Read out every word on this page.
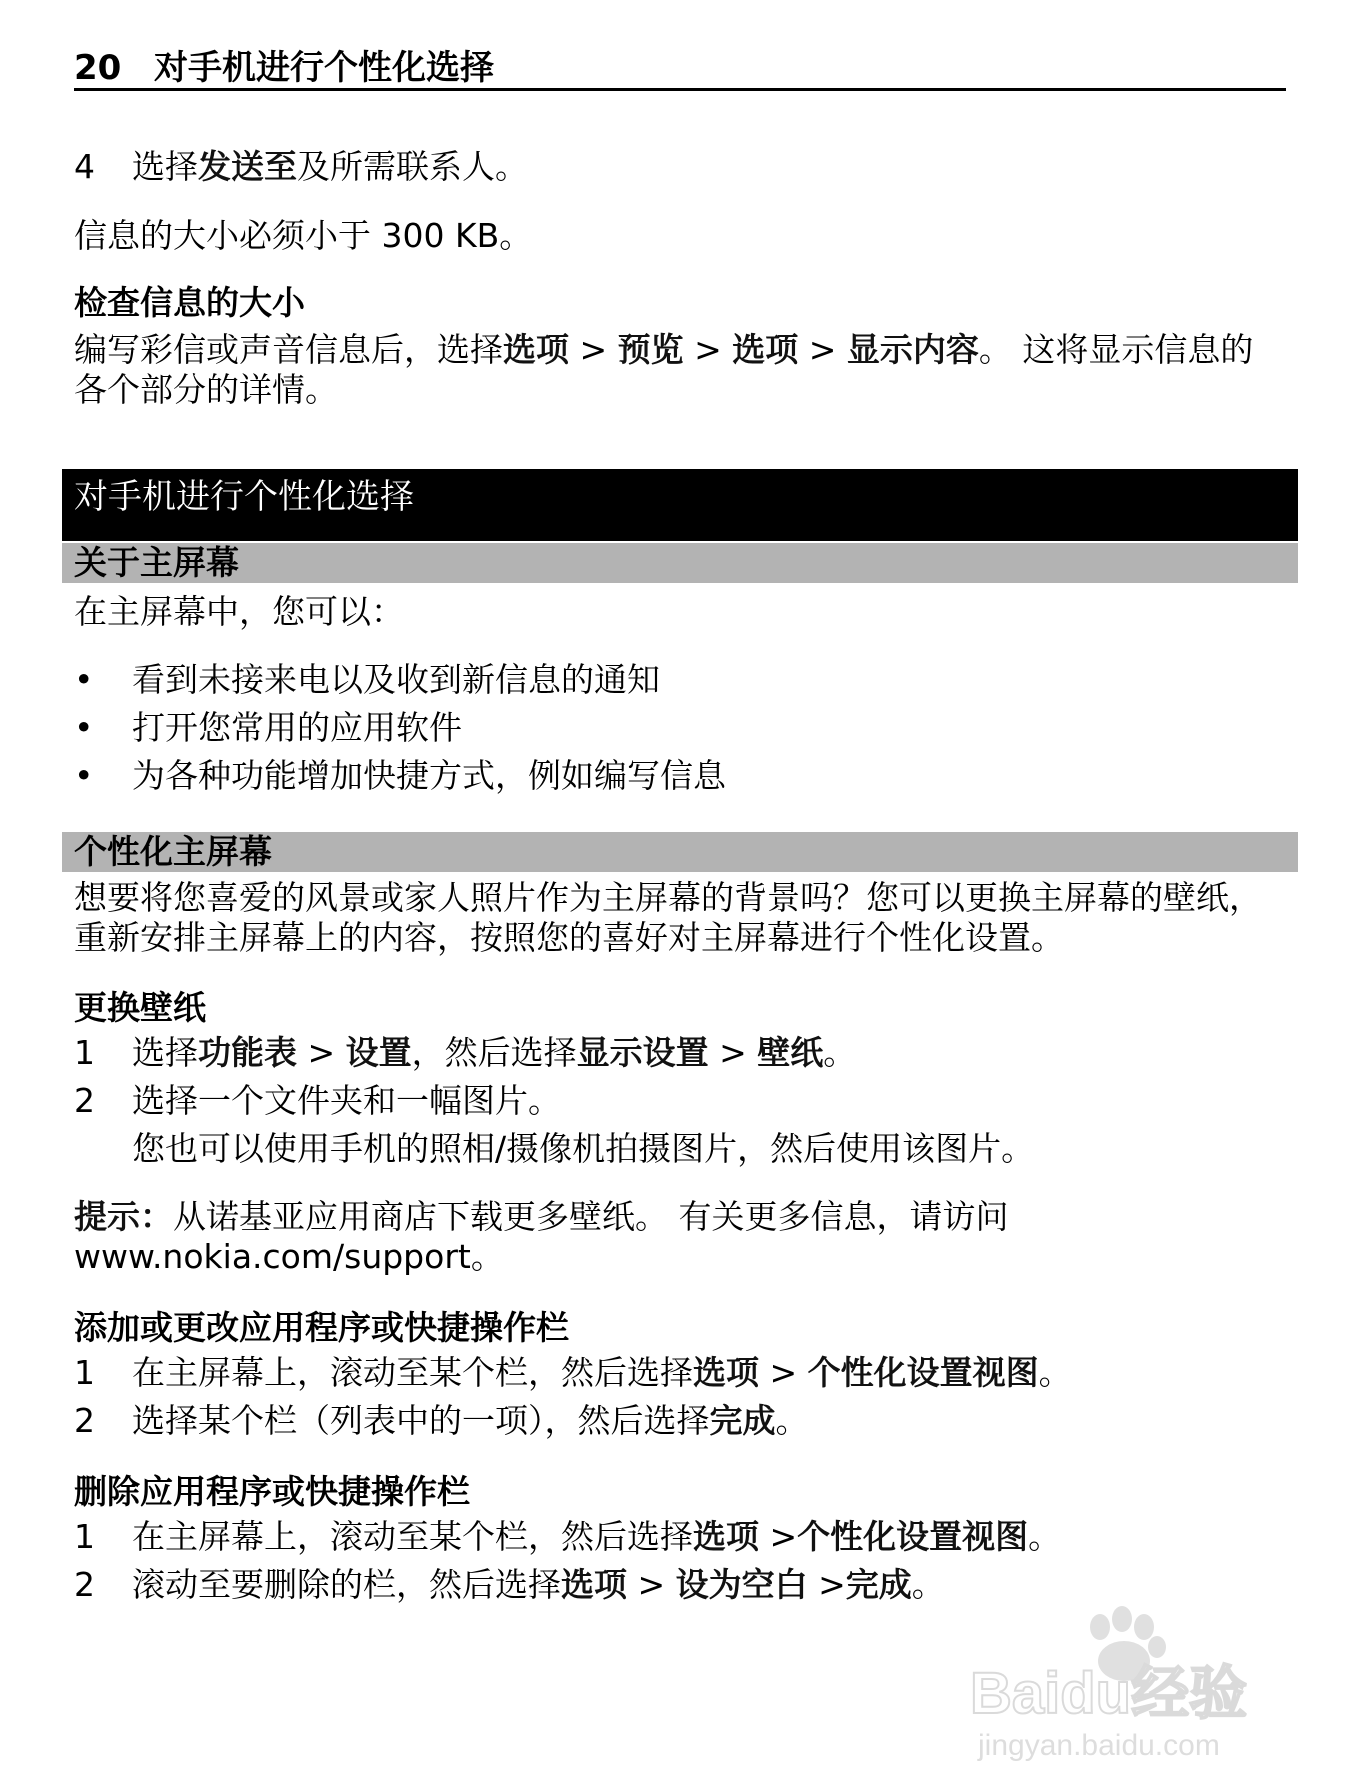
20 对手机进行个性化选择
4	选择发送至及所需联系人。
信息的大小必须小于 300 KB。
检查信息的大小
编写彩信或声音信息后，选择选项 > 预览 > 选项 > 显示内容。 这将显示信息的各个部分的详情。
对手机进行个性化选择
关于主屏幕
在主屏幕中，您可以：
•	看到未接来电以及收到新信息的通知
•	打开您常用的应用软件
•	为各种功能增加快捷方式，例如编写信息
个性化主屏幕
想要将您喜爱的风景或家人照片作为主屏幕的背景吗？您可以更换主屏幕的壁纸，重新安排主屏幕上的内容，按照您的喜好对主屏幕进行个性化设置。
更换壁纸
1	选择功能表 > 设置，然后选择显示设置 > 壁纸。
2	选择一个文件夹和一幅图片。
您也可以使用手机的照相/摄像机拍摄图片，然后使用该图片。
提示：从诺基亚应用商店下载更多壁纸。 有关更多信息，请访问
www.nokia.com/support。
添加或更改应用程序或快捷操作栏
1	在主屏幕上，滚动至某个栏，然后选择选项 > 个性化设置视图。
2	选择某个栏（列表中的一项），然后选择完成。
删除应用程序或快捷操作栏
1	在主屏幕上，滚动至某个栏，然后选择选项 >个性化设置视图。
2	滚动至要删除的栏，然后选择选项 > 设为空白 >完成。
Baidu经验
jingyan.baidu.com
